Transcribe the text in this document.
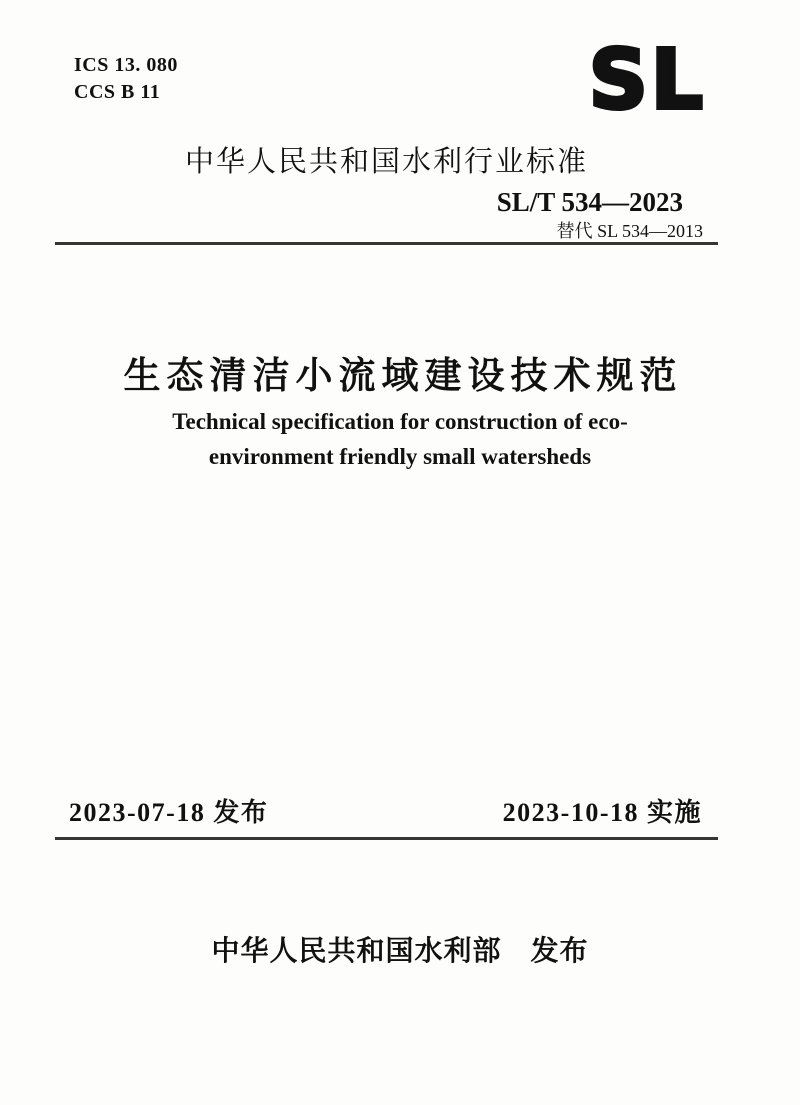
ICS 13. 080
CCS B 11	SL
中华人民共和国水利行业标准
SL/T 534—2023
替代 SL 534—2013
生态清洁小流域建设技术规范
Technical specification for construction of eco-
environment friendly small watersheds
2023-07-18 发布	2023-10-18 实施
中华人民共和国水利部　发布
